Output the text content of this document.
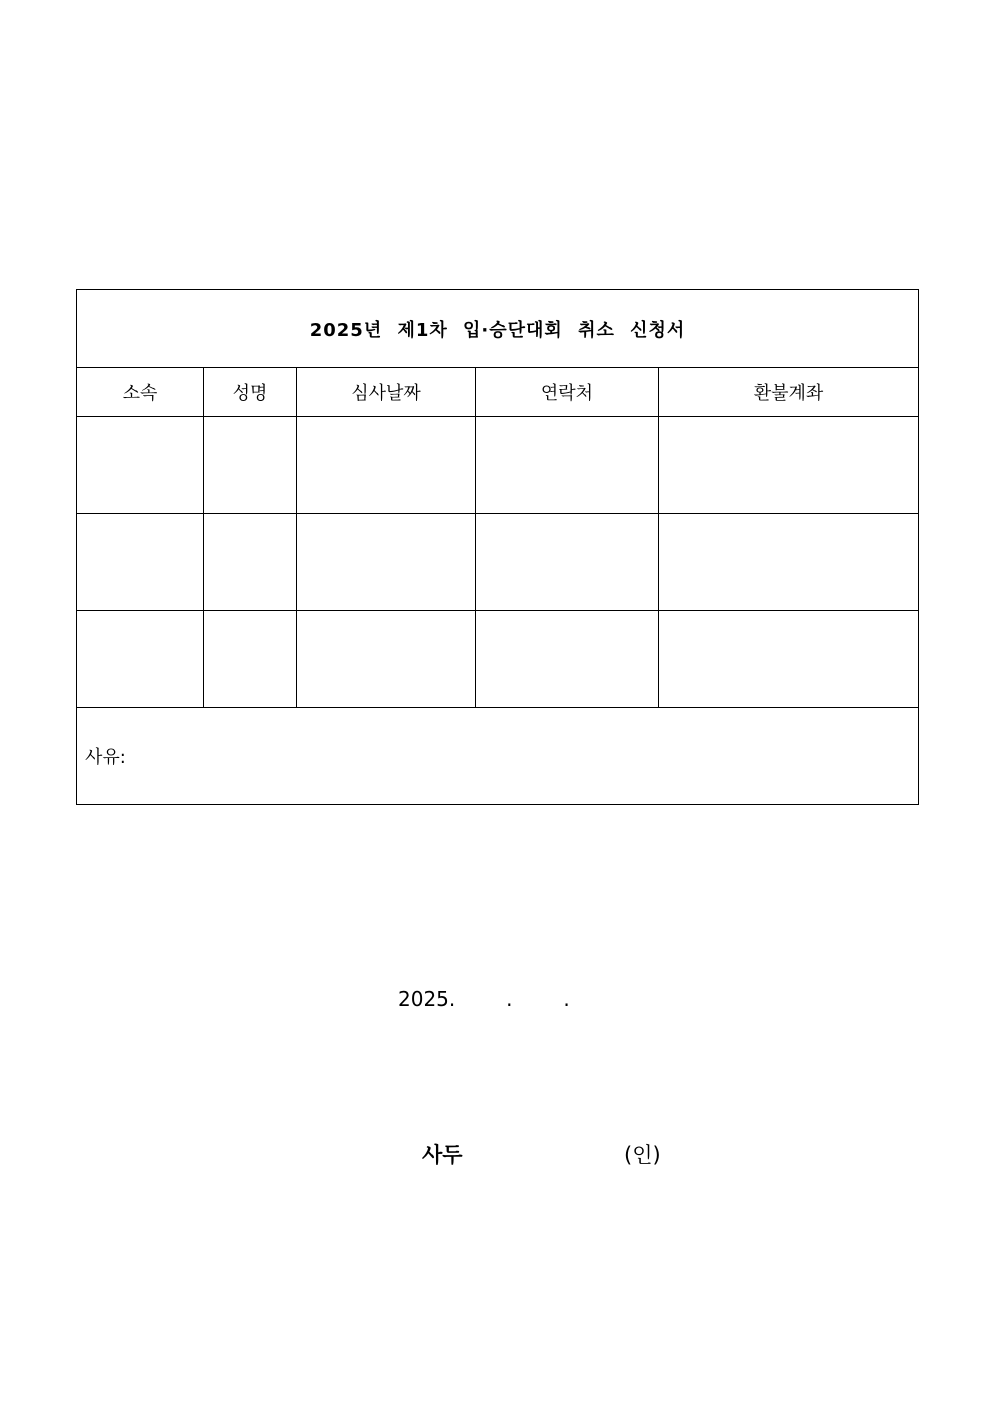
2025년 제1차 입·승단대회 취소 신청서				
소속	성명	심사날짜	연락처	환불계좌

사유:				
2025.        .        .
사두	(인)
